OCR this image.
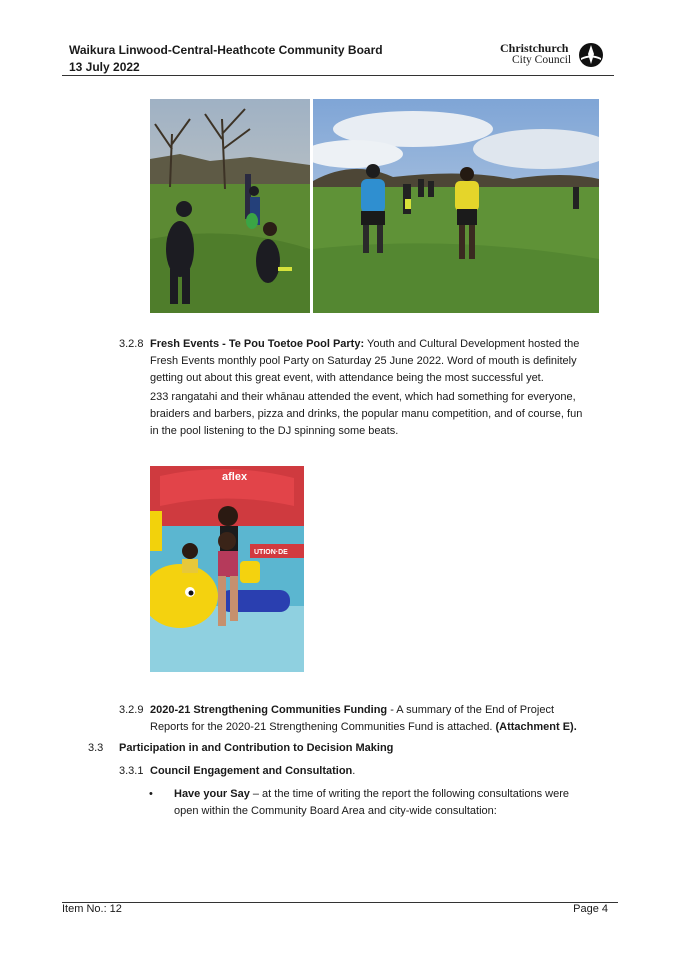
Waikura Linwood-Central-Heathcote Community Board
13 July 2022
Christchurch
City Council
3.2.8 Fresh Events - Te Pou Toetoe Pool Party: Youth and Cultural Development hosted the
Fresh Events monthly pool Party on Saturday 25 June 2022. Word of mouth is definitely
getting out about this great event, with attendance being the most successful yet.
233 rangatahi and their whānau attended the event, which had something for everyone,
braiders and barbers, pizza and drinks, the popular manu competition, and of course, fun
in the pool listening to the DJ spinning some beats.
aflex
UTION·DE
3.2.9 2020-21 Strengthening Communities Funding - A summary of the End of Project
Reports for the 2020-21 Strengthening Communities Fund is attached. (Attachment E).
3.3 Participation in and Contribution to Decision Making
3.3.1 Council Engagement and Consultation.
• Have your Say – at the time of writing the report the following consultations were
open within the Community Board Area and city-wide consultation:
Item No.: 12	Page 4
